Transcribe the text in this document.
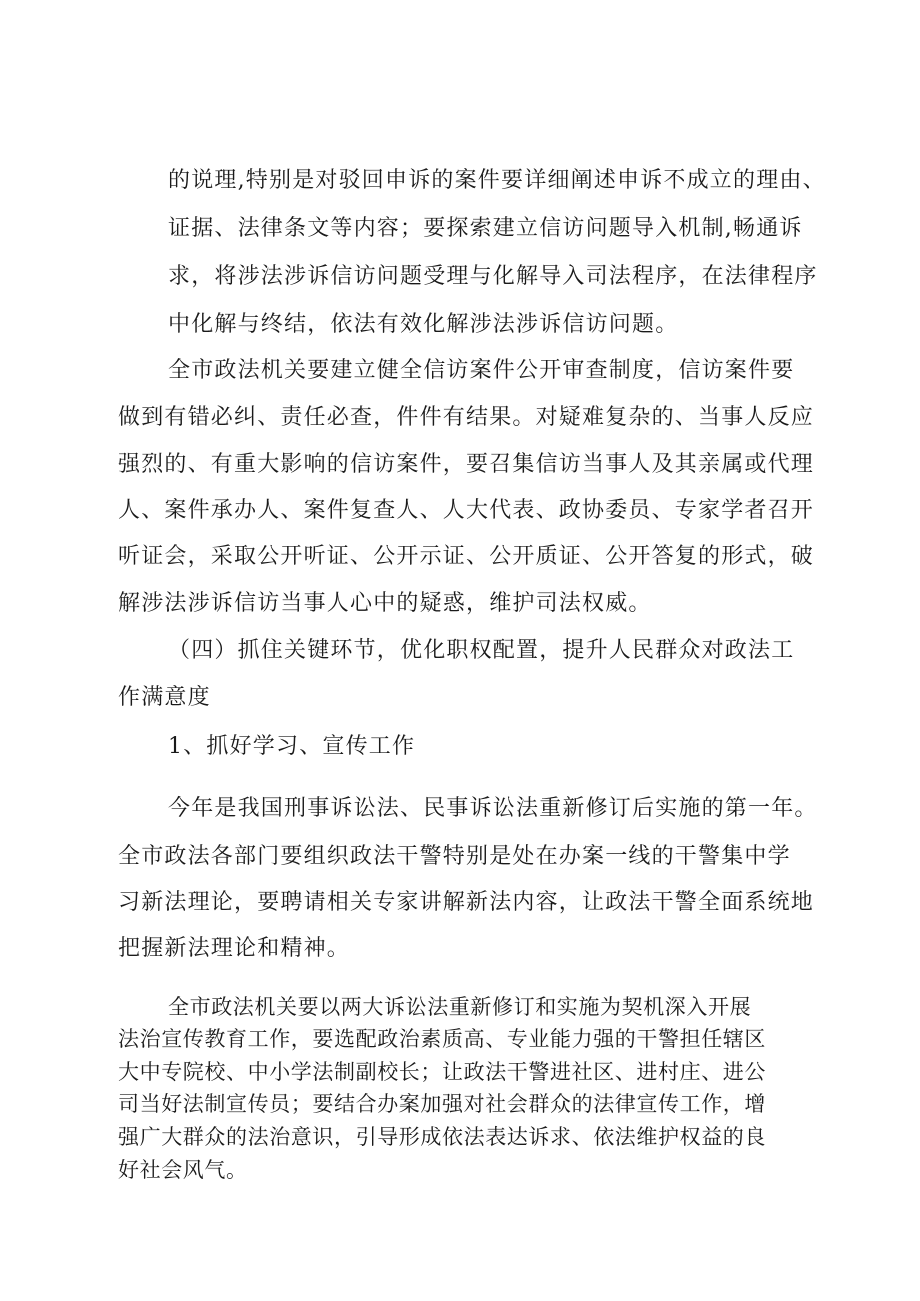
的说理,特别是对驳回申诉的案件要详细阐述申诉不成立的理由、
证据、法律条文等内容；要探索建立信访问题导入机制,畅通诉
求，将涉法涉诉信访问题受理与化解导入司法程序，在法律程序
中化解与终结，依法有效化解涉法涉诉信访问题。
全市政法机关要建立健全信访案件公开审查制度，信访案件要
做到有错必纠、责任必查，件件有结果。对疑难复杂的、当事人反应
强烈的、有重大影响的信访案件，要召集信访当事人及其亲属或代理
人、案件承办人、案件复查人、人大代表、政协委员、专家学者召开
听证会，采取公开听证、公开示证、公开质证、公开答复的形式，破
解涉法涉诉信访当事人心中的疑惑，维护司法权威。
（四）抓住关键环节，优化职权配置，提升人民群众对政法工
作满意度
1、抓好学习、宣传工作
今年是我国刑事诉讼法、民事诉讼法重新修订后实施的第一年。
全市政法各部门要组织政法干警特别是处在办案一线的干警集中学
习新法理论，要聘请相关专家讲解新法内容，让政法干警全面系统地
把握新法理论和精神。
全市政法机关要以两大诉讼法重新修订和实施为契机深入开展
法治宣传教育工作，要选配政治素质高、专业能力强的干警担任辖区
大中专院校、中小学法制副校长；让政法干警进社区、进村庄、进公
司当好法制宣传员；要结合办案加强对社会群众的法律宣传工作，增
强广大群众的法治意识，引导形成依法表达诉求、依法维护权益的良
好社会风气。
